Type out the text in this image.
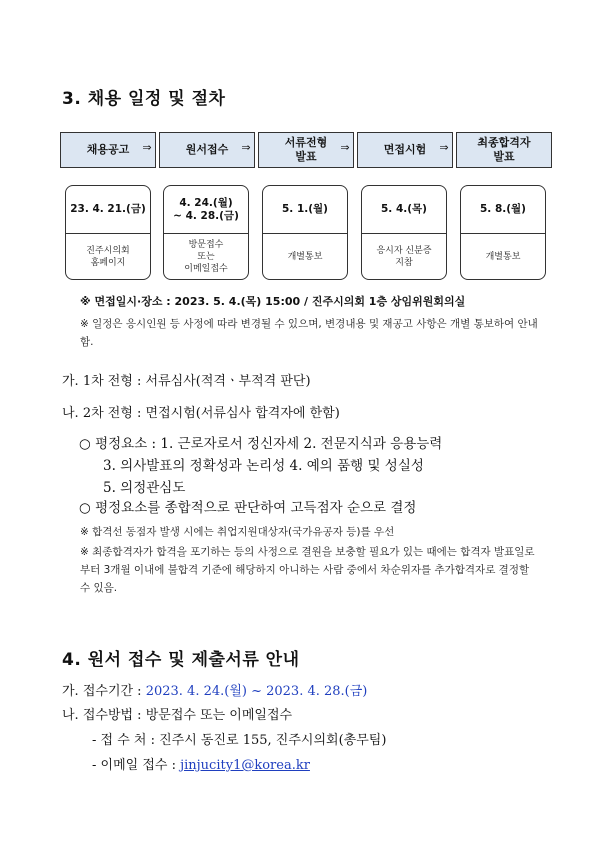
3. 채용 일정 및 절차
채용공고	⇒	원서접수	⇒	서류전형
발표
⇒	면접시험	⇒	최종합격자
발표
23. 4. 21.(금)
진주시의회
홈페이지
4. 24.(월)
~ 4. 28.(금)
방문접수
또는
이메일접수
5. 1.(월)
개별통보
5. 4.(목)
응시자 신분증
지참
5. 8.(월)
개별통보
※ 면접일시·장소 : 2023. 5. 4.(목) 15:00 / 진주시의회 1층 상임위원회의실
※ 일정은 응시인원 등 사정에 따라 변경될 수 있으며, 변경내용 및 재공고 사항은 개별 통보하여 안내함.
가. 1차 전형 : 서류심사(적격ㆍ부적격 판단)
나. 2차 전형 : 면접시험(서류심사 합격자에 한함)
○ 평정요소 : 1. 근로자로서 정신자세 2. 전문지식과 응용능력
3. 의사발표의 정확성과 논리성 4. 예의 품행 및 성실성
5. 의정관심도
○ 평정요소를 종합적으로 판단하여 고득점자 순으로 결정
※ 합격선 동점자 발생 시에는 취업지원대상자(국가유공자 등)를 우선
※ 최종합격자가 합격을 포기하는 등의 사정으로 결원을 보충할 필요가 있는 때에는 합격자 발표일로부터 3개월 이내에 불합격 기준에 해당하지 아니하는 사람 중에서 차순위자를 추가합격자로 결정할 수 있음.
4. 원서 접수 및 제출서류 안내
가. 접수기간 : 2023. 4. 24.(월) ~ 2023. 4. 28.(금)
나. 접수방법 : 방문접수 또는 이메일접수
- 접 수 처 : 진주시 동진로 155, 진주시의회(총무팀)
- 이메일 접수 : jinjucity1@korea.kr
